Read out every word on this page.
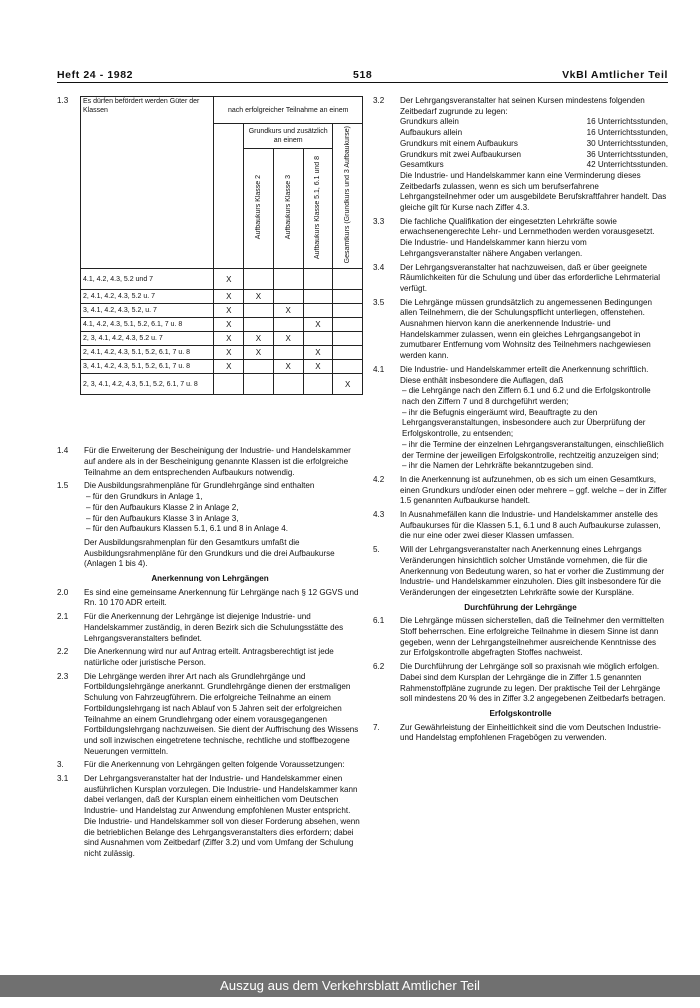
Heft 24 - 1982	518	VkBl Amtlicher Teil
1.3 Es dürfen befördert werden Güter der Klassen	nach erfolgreicher Teilnahme an einem				
		Grundkurs und zusätzlich an einem			Gesamtkurs (Grundkurs und 3 Aufbaukurse)
		Aufbaukurs Klasse 2	Aufbaukurs Klasse 3	Aufbaukurs Klasse 5.1, 6.1 und 8	
4.1, 4.2, 4.3, 5.2 und 7	X				
2, 4.1, 4.2, 4.3, 5.2 u. 7	X	X			
3, 4.1, 4.2, 4.3, 5.2, u. 7	X		X		
4.1, 4.2, 4.3, 5.1, 5.2, 6.1, 7 u. 8	X			X	
2, 3, 4.1, 4.2, 4.3, 5.2 u. 7	X	X	X		
2, 4.1, 4.2, 4.3, 5.1, 5.2, 6.1, 7 u. 8	X	X		X	
3, 4.1, 4.2, 4.3, 5.1, 5.2, 6.1, 7 u. 8	X		X	X	
2, 3, 4.1, 4.2, 4.3, 5.1, 5.2, 6.1, 7 u. 8					X
1.4 Für die Erweiterung der Bescheinigung der Industrie- und Handelskammer auf andere als in der Bescheinigung genannte Klassen ist die erfolgreiche Teilnahme an dem entsprechenden Aufbaukurs notwendig.

1.5 Die Ausbildungsrahmenpläne für Grundlehrgänge sind enthalten

– für den Grundkurs in Anlage 1,

– für den Aufbaukurs Klasse 2 in Anlage 2,

– für den Aufbaukurs Klasse 3 in Anlage 3,

– für den Aufbaukurs Klassen 5.1, 6.1 und 8 in Anlage 4.

Der Ausbildungsrahmenplan für den Gesamtkurs umfaßt die Ausbildungsrahmenpläne für den Grundkurs und die drei Aufbaukurse (Anlagen 1 bis 4).

Anerkennung von Lehrgängen

2.0 Es sind eine gemeinsame Anerkennung für Lehrgänge nach § 12 GGVS und Rn. 10 170 ADR erteilt.

2.1 Für die Anerkennung der Lehrgänge ist diejenige Industrie- und Handelskammer zuständig, in deren Bezirk sich die Schulungsstätte des Lehrgangsveranstalters befindet.

2.2 Die Anerkennung wird nur auf Antrag erteilt. Antragsberechtigt ist jede natürliche oder juristische Person.

2.3 Die Lehrgänge werden ihrer Art nach als Grundlehrgänge und Fortbildungslehrgänge anerkannt. Grundlehrgänge dienen der erstmaligen Schulung von Fahrzeugführern. Die erfolgreiche Teilnahme an einem Fortbildungslehrgang ist nach Ablauf von 5 Jahren seit der erfolgreichen Teilnahme an einem Grundlehrgang oder einem vorausgegangenen Fortbildungslehrgang nachzuweisen. Sie dient der Auffrischung des Wissens und soll inzwischen eingetretene technische, rechtliche und stoffbezogene Neuerungen vermitteln.

3. Für die Anerkennung von Lehrgängen gelten folgende Voraussetzungen:

3.1 Der Lehrgangsveranstalter hat der Industrie- und Handelskammer einen ausführlichen Kursplan vorzulegen. Die Industrie- und Handelskammer kann dabei verlangen, daß der Kursplan einem einheitlichen vom Deutschen Industrie- und Handelstag zur Anwendung empfohlenen Muster entspricht. Die Industrie- und Handelskammer soll von dieser Forderung absehen, wenn die betrieblichen Belange des Lehrgangsveranstalters dies erfordern; dabei sind Ausnahmen vom Zeitbedarf (Ziffer 3.2) und vom Umfang der Schulung nicht zulässig.

3.2 Der Lehrgangsveranstalter hat seinen Kursen mindestens folgenden Zeitbedarf zugrunde zu legen:

Grundkurs allein	16 Unterrichtsstunden,
Aufbaukurs allein	16 Unterrichtsstunden,
Grundkurs mit einem Aufbaukurs	30 Unterrichtsstunden,
Grundkurs mit zwei Aufbaukursen	36 Unterrichtsstunden,
Gesamtkurs	42 Unterrichtsstunden.

Die Industrie- und Handelskammer kann eine Verminderung dieses Zeitbedarfs zulassen, wenn es sich um berufserfahrene Lehrgangsteilnehmer oder um ausgebildete Berufskraftfahrer handelt. Das gleiche gilt für Kurse nach Ziffer 4.3.

3.3 Die fachliche Qualifikation der eingesetzten Lehrkräfte sowie erwachsenengerechte Lehr- und Lernmethoden werden vorausgesetzt. Die Industrie- und Handelskammer kann hierzu vom Lehrgangsveranstalter nähere Angaben verlangen.

3.4 Der Lehrgangsveranstalter hat nachzuweisen, daß er über geeignete Räumlichkeiten für die Schulung und über das erforderliche Lehrmaterial verfügt.

3.5 Die Lehrgänge müssen grundsätzlich zu angemessenen Bedingungen allen Teilnehmern, die der Schulungspflicht unterliegen, offenstehen. Ausnahmen hiervon kann die anerkennende Industrie- und Handelskammer zulassen, wenn ein gleiches Lehrgangsangebot in zumutbarer Entfernung vom Wohnsitz des Teilnehmers nachgewiesen werden kann.

4.1 Die Industrie- und Handelskammer erteilt die Anerkennung schriftlich. Diese enthält insbesondere die Auflagen, daß

– die Lehrgänge nach den Ziffern 6.1 und 6.2 und die Erfolgskontrolle nach den Ziffern 7 und 8 durchgeführt werden;

– ihr die Befugnis eingeräumt wird, Beauftragte zu den Lehrgangsveranstaltungen, insbesondere auch zur Überprüfung der Erfolgskontrolle, zu entsenden;

– ihr die Termine der einzelnen Lehrgangsveranstaltungen, einschließlich der Termine der jeweiligen Erfolgskontrolle, rechtzeitig anzuzeigen sind;

– ihr die Namen der Lehrkräfte bekanntzugeben sind.

4.2 In die Anerkennung ist aufzunehmen, ob es sich um einen Gesamtkurs, einen Grundkurs und/oder einen oder mehrere – ggf. welche – der in Ziffer 1.5 genannten Aufbaukurse handelt.

4.3 In Ausnahmefällen kann die Industrie- und Handelskammer anstelle des Aufbaukurses für die Klassen 5.1, 6.1 und 8 auch Aufbaukurse zulassen, die nur eine oder zwei dieser Klassen umfassen.

5. Will der Lehrgangsveranstalter nach Anerkennung eines Lehrgangs Veränderungen hinsichtlich solcher Umstände vornehmen, die für die Anerkennung von Bedeutung waren, so hat er vorher die Zustimmung der Industrie- und Handelskammer einzuholen. Dies gilt insbesondere für die Veränderungen der eingesetzten Lehrkräfte sowie der Kurspläne.

Durchführung der Lehrgänge

6.1 Die Lehrgänge müssen sicherstellen, daß die Teilnehmer den vermittelten Stoff beherrschen. Eine erfolgreiche Teilnahme in diesem Sinne ist dann gegeben, wenn der Lehrgangsteilnehmer ausreichende Kenntnisse des zur Erfolgskontrolle abgefragten Stoffes nachweist.

6.2 Die Durchführung der Lehrgänge soll so praxisnah wie möglich erfolgen. Dabei sind dem Kursplan der Lehrgänge die in Ziffer 1.5 genannten Rahmenstoffpläne zugrunde zu legen. Der praktische Teil der Lehrgänge soll mindestens 20 % des in Ziffer 3.2 angegebenen Zeitbedarfs betragen.

Erfolgskontrolle

7. Zur Gewährleistung der Einheitlichkeit sind die vom Deutschen Industrie- und Handelstag empfohlenen Fragebögen zu verwenden.

Auszug aus dem Verkehrsblatt Amtlicher Teil
